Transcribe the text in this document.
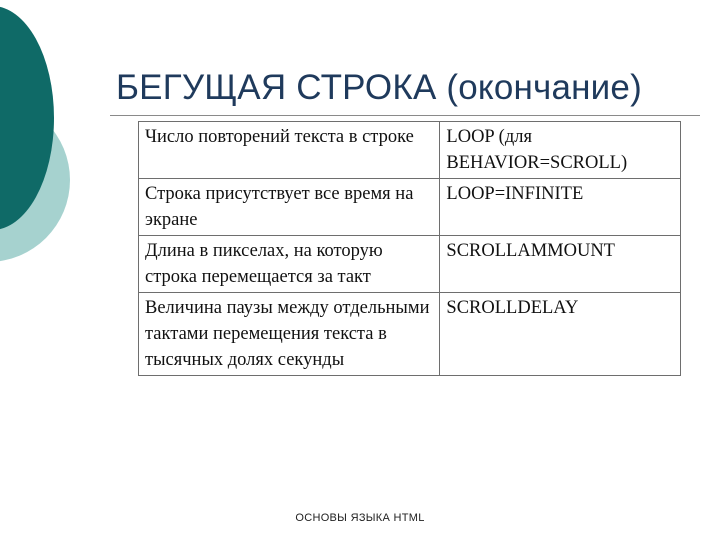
БЕГУЩАЯ СТРОКА (окончание)
Число повторений текста в строке	LOOP (для BEHAVIOR=SCROLL)
Строка присутствует все время на экране	LOOP=INFINITE
Длина в пикселах, на которую строка перемещается за такт	SCROLLAMMOUNT
Величина паузы между отдельными тактами перемещения текста в тысячных долях секунды	SCROLLDELAY
ОСНОВЫ ЯЗЫКА HTML
